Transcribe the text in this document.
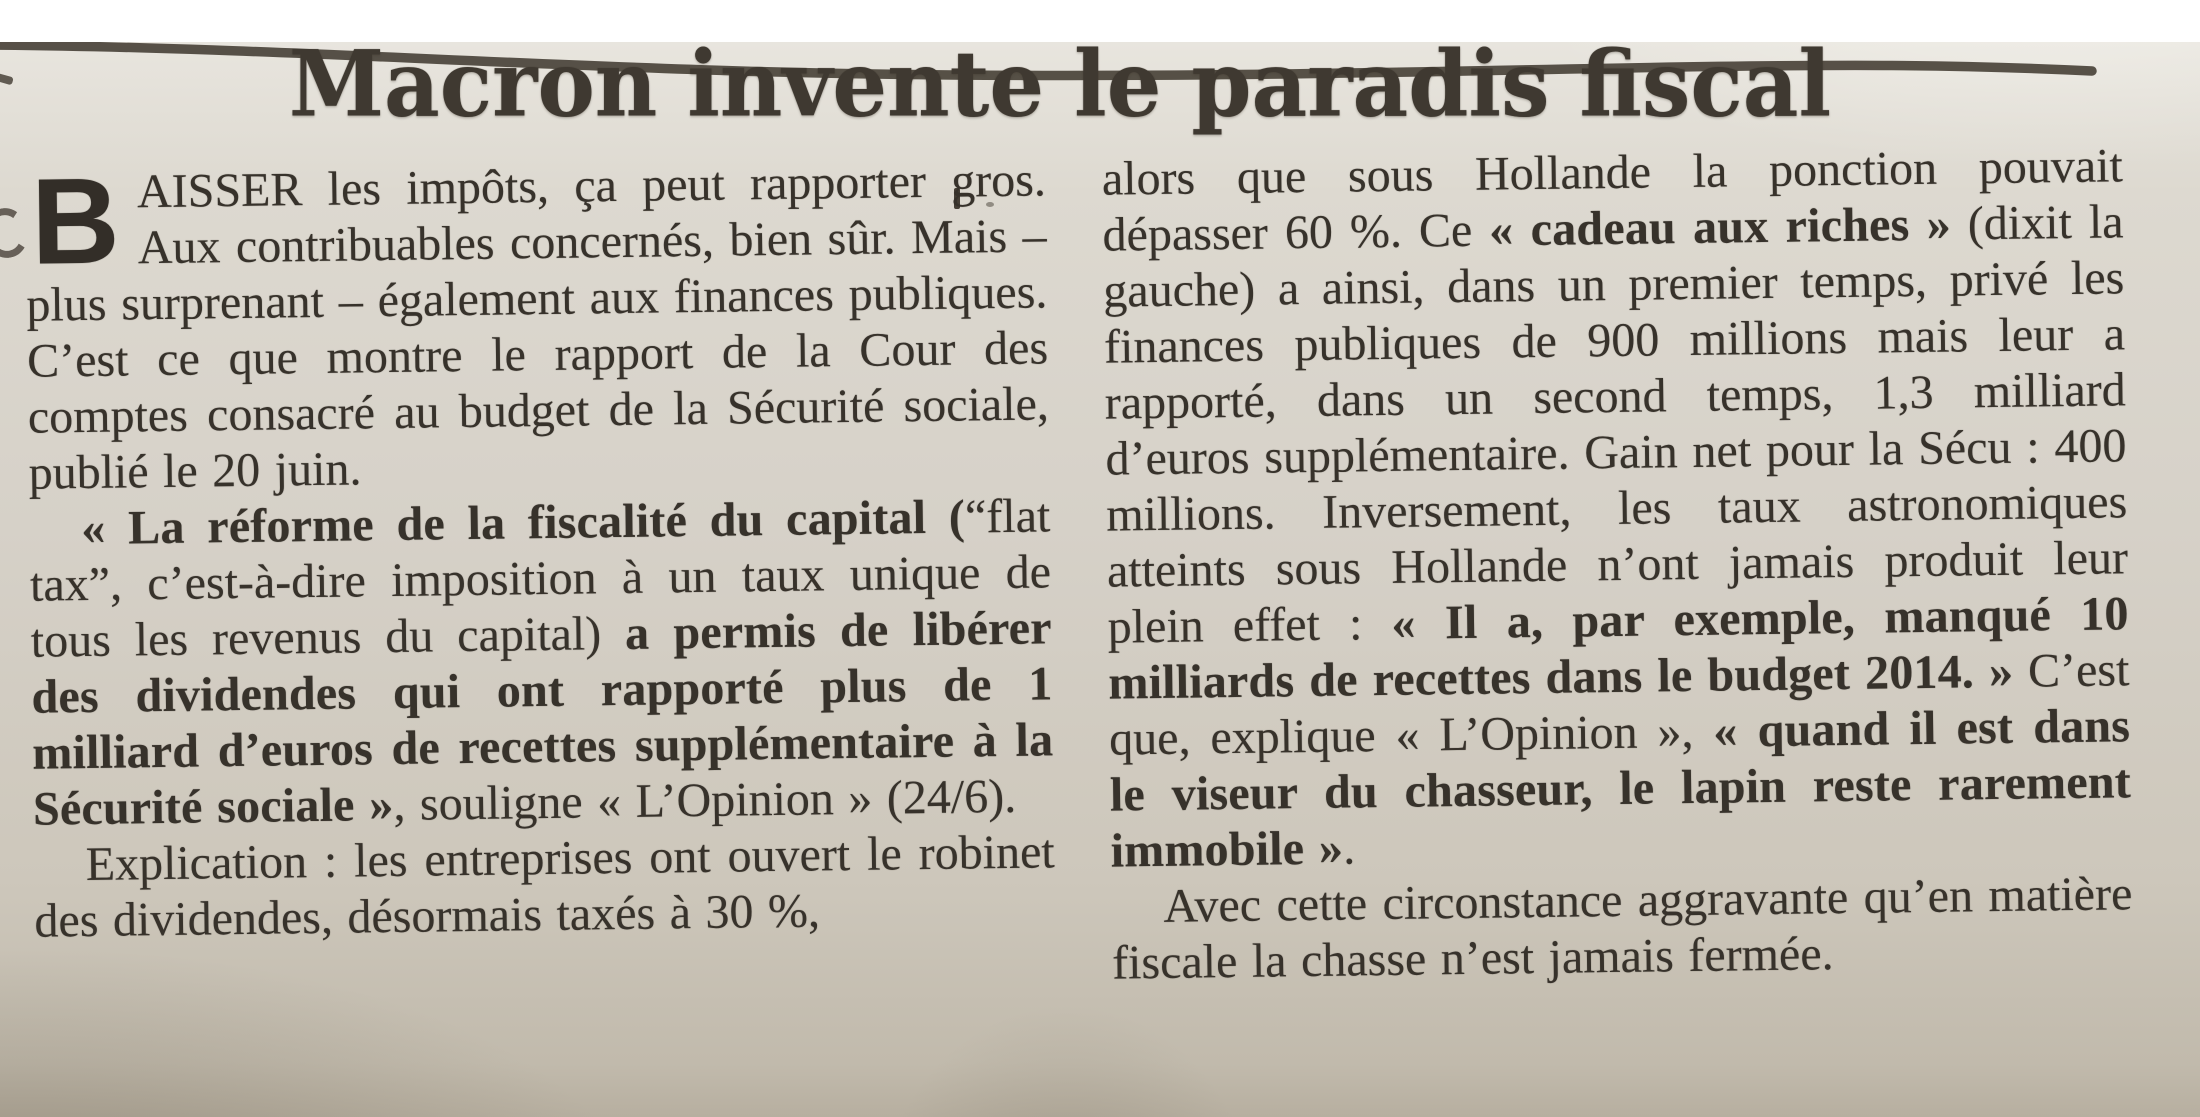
Macron invente le paradis fiscal

BAISSER les impôts, ça peut rapporter gros. Aux contribuables concernés, bien sûr. Mais – plus surprenant – également aux finances publiques. C’est ce que montre le rapport de la Cour des comptes consacré au budget de la Sécurité sociale, publié le 20 juin.

« La réforme de la fiscalité du capital (“flat tax”, c’est-à-dire imposition à un taux unique de tous les revenus du capital) a permis de libérer des dividendes qui ont rapporté plus de 1 milliard d’euros de recettes supplémentaire à la Sécurité sociale », souligne « L’Opinion » (24/6).

Explication : les entreprises ont ouvert le robinet des dividendes, désormais taxés à 30 %,

alors que sous Hollande la ponction pouvait dépasser 60 %. Ce « cadeau aux riches » (dixit la gauche) a ainsi, dans un premier temps, privé les finances publiques de 900 millions mais leur a rapporté, dans un second temps, 1,3 milliard d’euros supplémentaire. Gain net pour la Sécu : 400 millions. Inversement, les taux astronomiques atteints sous Hollande n’ont jamais produit leur plein effet : « Il a, par exemple, manqué 10 milliards de recettes dans le budget 2014. » C’est que, explique « L’Opinion », « quand il est dans le viseur du chasseur, le lapin reste rarement immobile ».

Avec cette circonstance aggravante qu’en matière fiscale la chasse n’est jamais fermée.
